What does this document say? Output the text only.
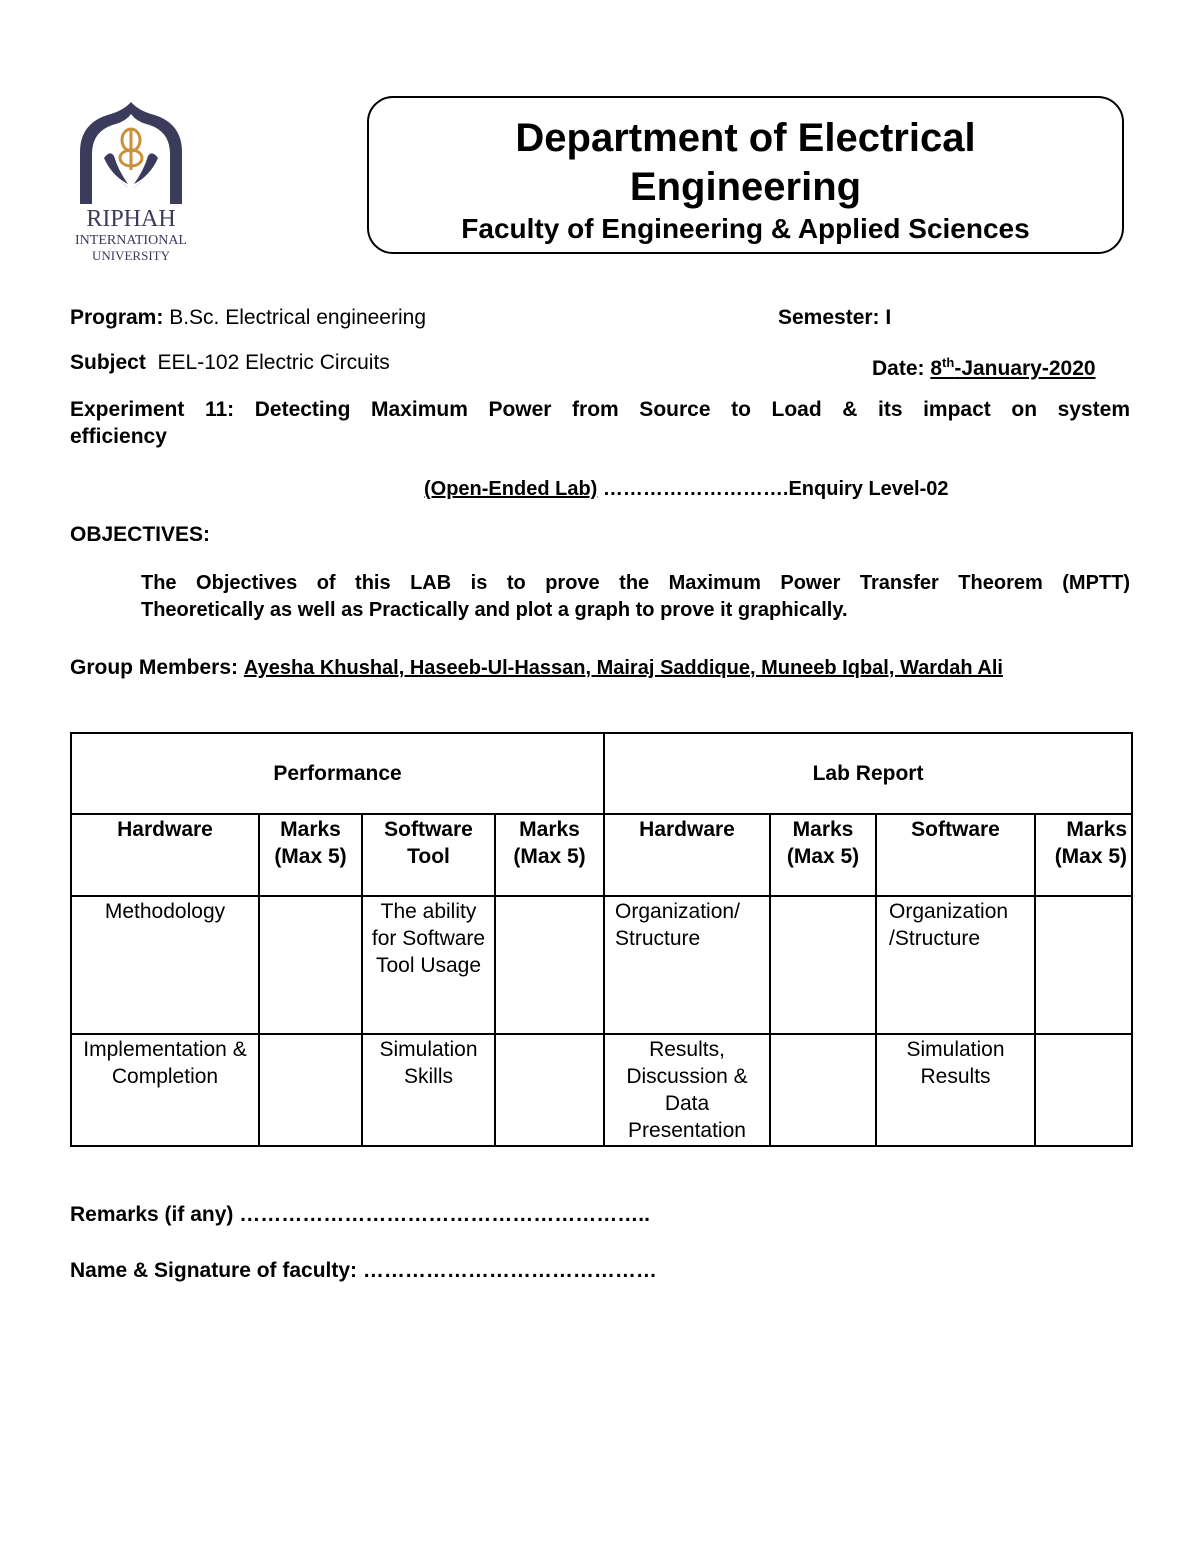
RIPHAH
INTERNATIONAL
UNIVERSITY
Department of Electrical
Engineering
Faculty of Engineering & Applied Sciences
Program: B.Sc. Electrical engineering	Semester: I
Subject EEL-102 Electric Circuits	Date: 8th-January-2020
Experiment 11: Detecting Maximum Power from Source to Load & its impact on system
efficiency
(Open-Ended Lab) ……………………….Enquiry Level-02
OBJECTIVES:
The Objectives of this LAB is to prove the Maximum Power Transfer Theorem (MPTT)
Theoretically as well as Practically and plot a graph to prove it graphically.
Group Members: Ayesha Khushal, Haseeb-Ul-Hassan, Mairaj Saddique, Muneeb Iqbal, Wardah Ali
Performance				Lab Report			
Hardware	Marks (Max 5)	Software Tool	Marks (Max 5)	Hardware	Marks (Max 5)	Software	Marks (Max 5)
Methodology		The ability for Software Tool Usage		Organization/ Structure		Organization /Structure	
Implementation & Completion		Simulation Skills		Results, Discussion & Data Presentation		Simulation Results	
Remarks (if any) …………………………………………………..
Name & Signature of faculty: ……………………………………
